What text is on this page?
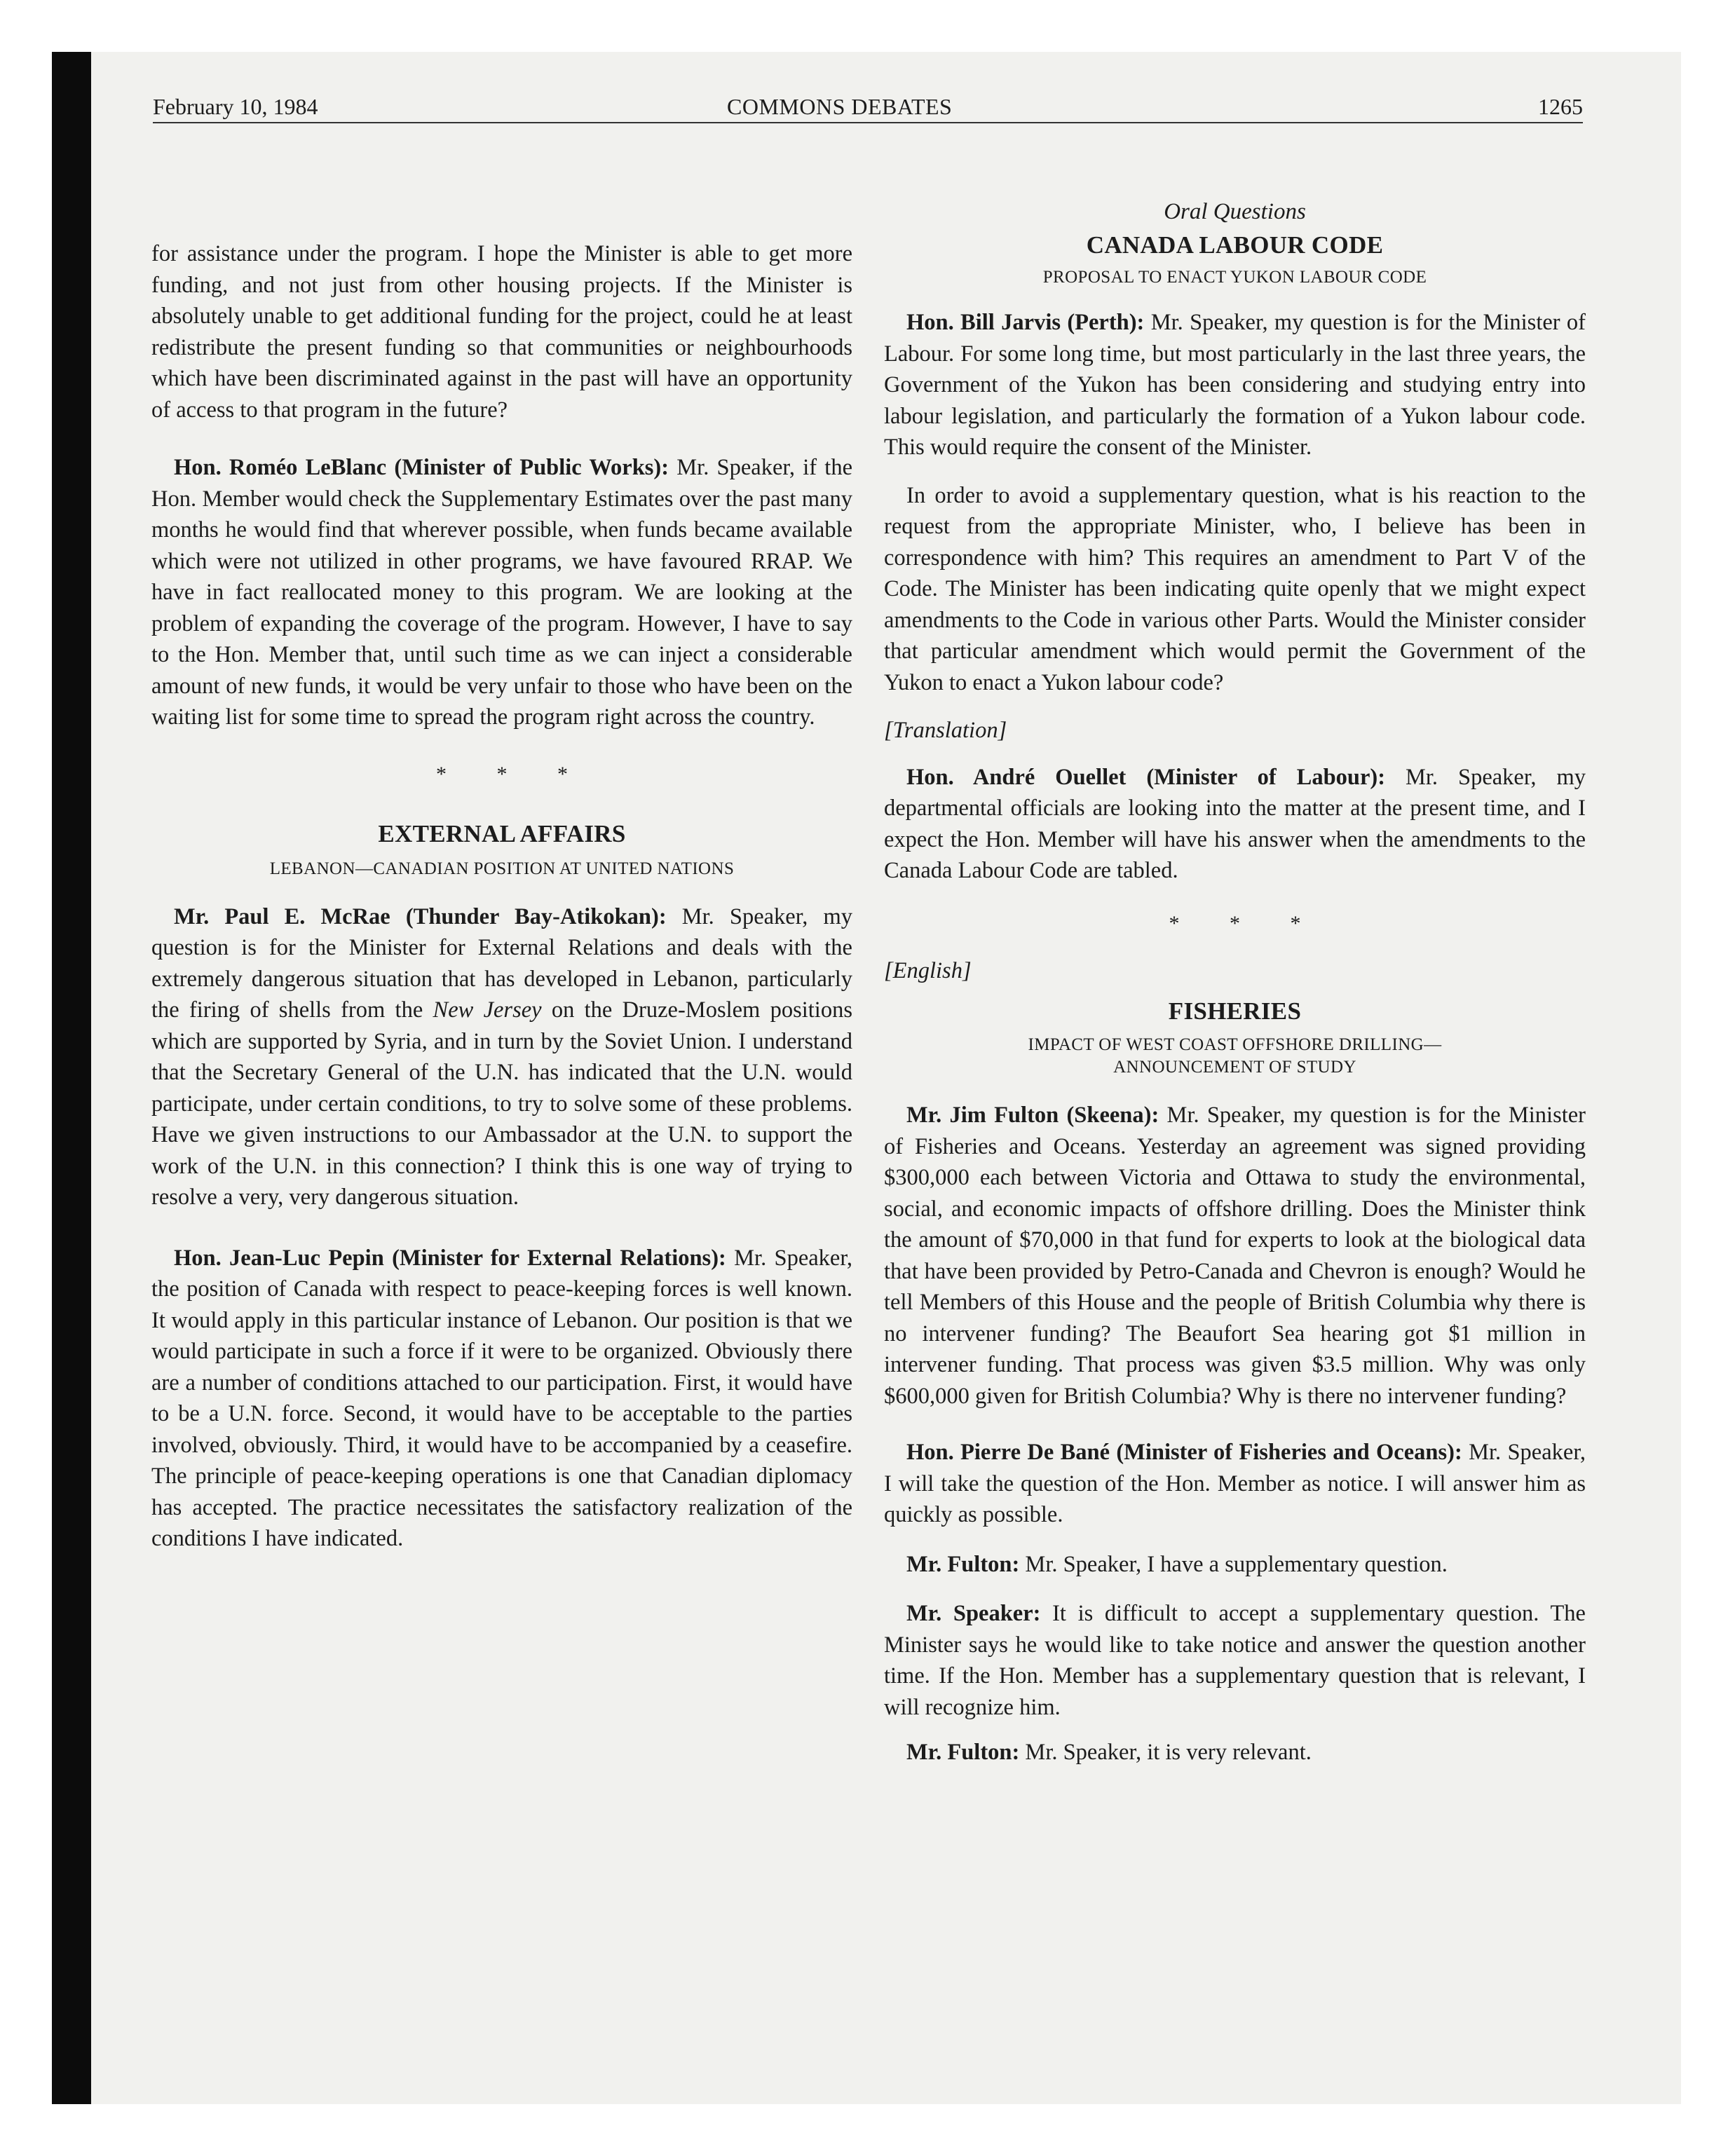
February 10, 1984	COMMONS DEBATES	1265

for assistance under the program. I hope the Minister is able to get more funding, and not just from other housing projects. If the Minister is absolutely unable to get additional funding for the project, could he at least redistribute the present funding so that communities or neighbourhoods which have been discriminated against in the past will have an opportunity of access to that program in the future?

Hon. Roméo LeBlanc (Minister of Public Works): Mr. Speaker, if the Hon. Member would check the Supplementary Estimates over the past many months he would find that wherever possible, when funds became available which were not utilized in other programs, we have favoured RRAP. We have in fact reallocated money to this program. We are looking at the problem of expanding the coverage of the program. However, I have to say to the Hon. Member that, until such time as we can inject a considerable amount of new funds, it would be very unfair to those who have been on the waiting list for some time to spread the program right across the country.

* * *

EXTERNAL AFFAIRS

LEBANON—CANADIAN POSITION AT UNITED NATIONS

Mr. Paul E. McRae (Thunder Bay-Atikokan): Mr. Speaker, my question is for the Minister for External Relations and deals with the extremely dangerous situation that has developed in Lebanon, particularly the firing of shells from the New Jersey on the Druze-Moslem positions which are supported by Syria, and in turn by the Soviet Union. I understand that the Secretary General of the U.N. has indicated that the U.N. would participate, under certain conditions, to try to solve some of these problems. Have we given instructions to our Ambassador at the U.N. to support the work of the U.N. in this connection? I think this is one way of trying to resolve a very, very dangerous situation.

Hon. Jean-Luc Pepin (Minister for External Relations): Mr. Speaker, the position of Canada with respect to peace-keeping forces is well known. It would apply in this particular instance of Lebanon. Our position is that we would participate in such a force if it were to be organized. Obviously there are a number of conditions attached to our participation. First, it would have to be a U.N. force. Second, it would have to be acceptable to the parties involved, obviously. Third, it would have to be accompanied by a ceasefire. The principle of peace-keeping operations is one that Canadian diplomacy has accepted. The practice necessitates the satisfactory realization of the conditions I have indicated.

Oral Questions

CANADA LABOUR CODE

PROPOSAL TO ENACT YUKON LABOUR CODE

Hon. Bill Jarvis (Perth): Mr. Speaker, my question is for the Minister of Labour. For some long time, but most particularly in the last three years, the Government of the Yukon has been considering and studying entry into labour legislation, and particularly the formation of a Yukon labour code. This would require the consent of the Minister.

In order to avoid a supplementary question, what is his reaction to the request from the appropriate Minister, who, I believe has been in correspondence with him? This requires an amendment to Part V of the Code. The Minister has been indicating quite openly that we might expect amendments to the Code in various other Parts. Would the Minister consider that particular amendment which would permit the Government of the Yukon to enact a Yukon labour code?

[Translation]

Hon. André Ouellet (Minister of Labour): Mr. Speaker, my departmental officials are looking into the matter at the present time, and I expect the Hon. Member will have his answer when the amendments to the Canada Labour Code are tabled.

* * *

[English]

FISHERIES

IMPACT OF WEST COAST OFFSHORE DRILLING—

ANNOUNCEMENT OF STUDY

Mr. Jim Fulton (Skeena): Mr. Speaker, my question is for the Minister of Fisheries and Oceans. Yesterday an agreement was signed providing $300,000 each between Victoria and Ottawa to study the environmental, social, and economic impacts of offshore drilling. Does the Minister think the amount of $70,000 in that fund for experts to look at the biological data that have been provided by Petro-Canada and Chevron is enough? Would he tell Members of this House and the people of British Columbia why there is no intervener funding? The Beaufort Sea hearing got $1 million in intervener funding. That process was given $3.5 million. Why was only $600,000 given for British Columbia? Why is there no intervener funding?

Hon. Pierre De Bané (Minister of Fisheries and Oceans): Mr. Speaker, I will take the question of the Hon. Member as notice. I will answer him as quickly as possible.

Mr. Fulton: Mr. Speaker, I have a supplementary question.

Mr. Speaker: It is difficult to accept a supplementary question. The Minister says he would like to take notice and answer the question another time. If the Hon. Member has a supplementary question that is relevant, I will recognize him.

Mr. Fulton: Mr. Speaker, it is very relevant.
